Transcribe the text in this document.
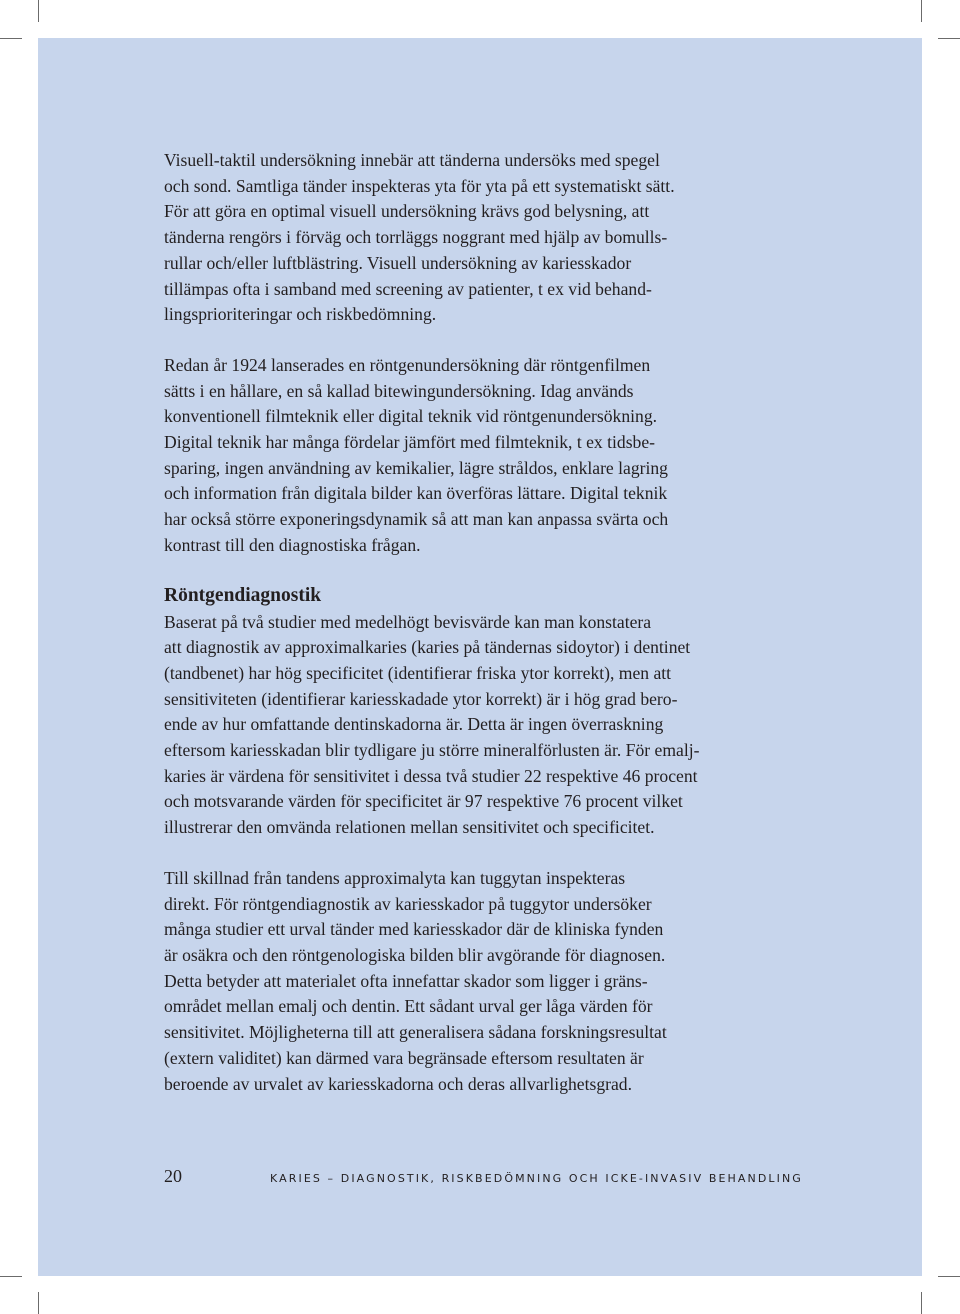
Visuell-taktil undersökning innebär att tänderna undersöks med spegel
och sond. Samtliga tänder inspekteras yta för yta på ett systematiskt sätt.
För att göra en optimal visuell undersökning krävs god belysning, att
tänderna rengörs i förväg och torrläggs noggrant med hjälp av bomulls-
rullar och/eller luftblästring. Visuell undersökning av kariesskador
tillämpas ofta i samband med screening av patienter, t ex vid behand-
lingsprioriteringar och riskbedömning.

Redan år 1924 lanserades en röntgenundersökning där röntgenfilmen
sätts i en hållare, en så kallad bitewingundersökning. Idag används
konventionell filmteknik eller digital teknik vid röntgenundersökning.
Digital teknik har många fördelar jämfört med filmteknik, t ex tidsbe-
sparing, ingen användning av kemikalier, lägre stråldos, enklare lagring
och information från digitala bilder kan överföras lättare. Digital teknik
har också större exponeringsdynamik så att man kan anpassa svärta och
kontrast till den diagnostiska frågan.

Röntgendiagnostik

Baserat på två studier med medelhögt bevisvärde kan man konstatera
att diagnostik av approximalkaries (karies på tändernas sidoytor) i dentinet
(tandbenet) har hög specificitet (identifierar friska ytor korrekt), men att
sensitiviteten (identifierar kariesskadade ytor korrekt) är i hög grad bero-
ende av hur omfattande dentinskadorna är. Detta är ingen överraskning
eftersom kariesskadan blir tydligare ju större mineralförlusten är. För emalj-
karies är värdena för sensitivitet i dessa två studier 22 respektive 46 procent
och motsvarande värden för specificitet är 97 respektive 76 procent vilket
illustrerar den omvända relationen mellan sensitivitet och specificitet.

Till skillnad från tandens approximalyta kan tuggytan inspekteras
direkt. För röntgendiagnostik av kariesskador på tuggytor undersöker
många studier ett urval tänder med kariesskador där de kliniska fynden
är osäkra och den röntgenologiska bilden blir avgörande för diagnosen.
Detta betyder att materialet ofta innefattar skador som ligger i gräns-
området mellan emalj och dentin. Ett sådant urval ger låga värden för
sensitivitet. Möjligheterna till att generalisera sådana forskningsresultat
(extern validitet) kan därmed vara begränsade eftersom resultaten är
beroende av urvalet av kariesskadorna och deras allvarlighetsgrad.

20	KARIES – DIAGNOSTIK, RISKBEDÖMNING OCH ICKE-INVASIV BEHANDLING
